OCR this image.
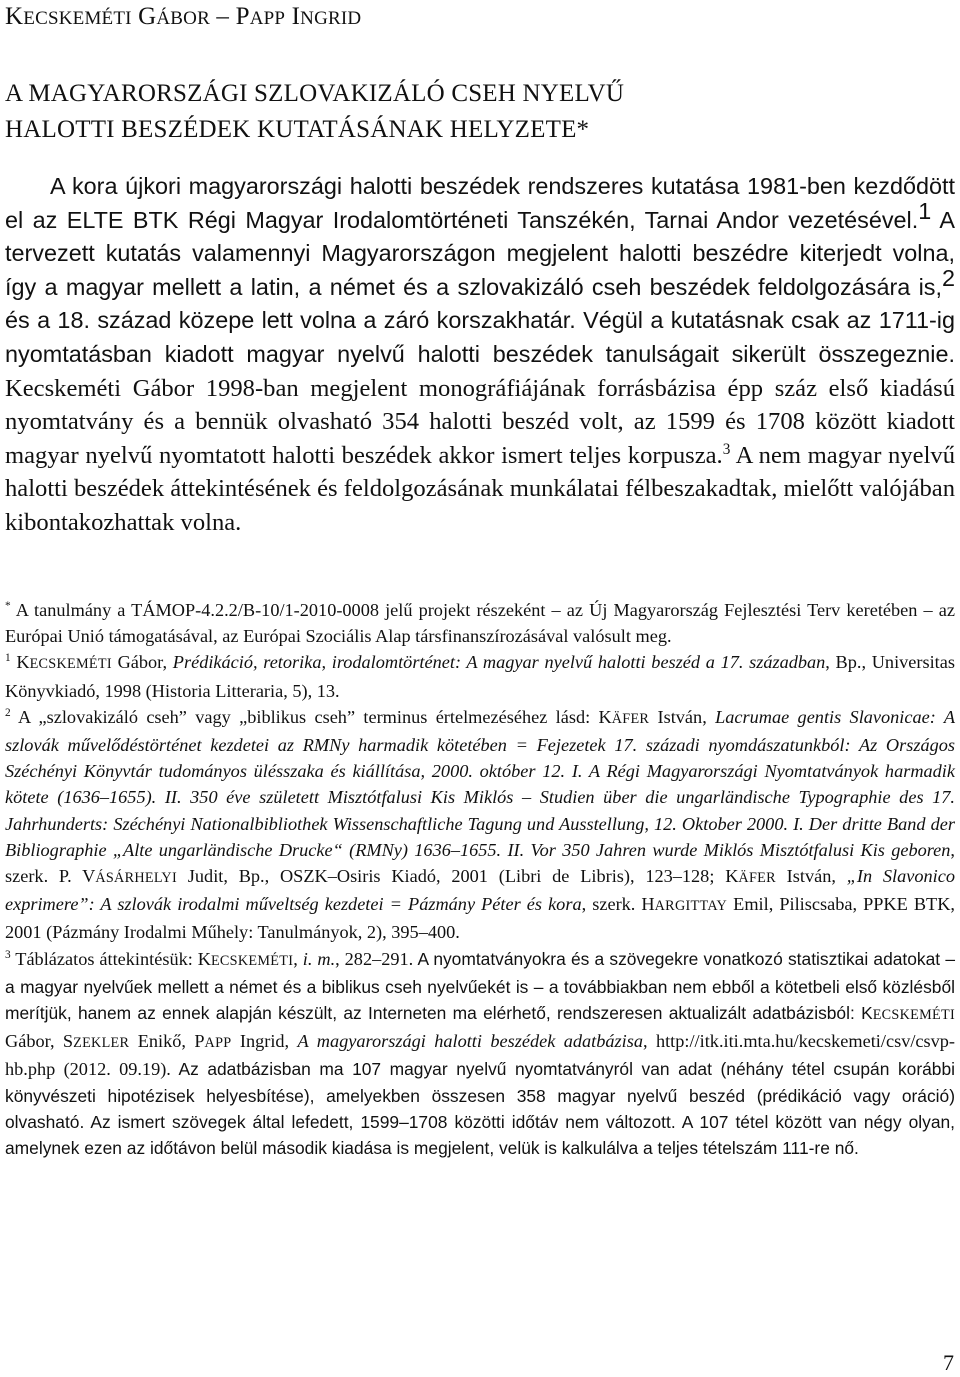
KECSKEMÉTI GÁBOR – PAPP INGRID
A MAGYARORSZÁGI SZLOVAKIZÁLÓ CSEH NYELVŰ
HALOTTI BESZÉDEK KUTATÁSÁNAK HELYZETE*

A kora újkori magyarországi halotti beszédek rendszeres kutatása 1981-ben kezdődött el az ELTE BTK Régi Magyar Irodalomtörténeti Tanszékén, Tarnai Andor vezetésével.$^1$ A tervezett kutatás valamennyi Magyarországon megjelent halotti beszédre kiterjedt volna, így a magyar mellett a latin, a német és a szlovakizáló cseh beszédek feldolgozására is,$^2$ és a 18. század közepe lett volna a záró korszakhatár. Végül a kutatásnak csak az 1711-ig nyomtatásban kiadott magyar nyelvű halotti beszédek tanulságait sikerült összegeznie. Kecskeméti Gábor 1998-ban megjelent monográfiájának forrásbázisa épp száz első kiadású nyomtatvány és a bennük olvasható 354 halotti beszéd volt, az 1599 és 1708 között kiadott magyar nyelvű nyomtatott halotti beszédek akkor ismert teljes korpusza.$^3$ A nem magyar nyelvű halotti beszédek áttekintésének és feldolgozásának munkálatai félbeszakadtak, mielőtt valójában kibontakozhattak volna.

* A tanulmány a TÁMOP-4.2.2/B-10/1-2010-0008 jelű projekt részeként – az Új Magyarország Fejlesztési Terv keretében – az Európai Unió támogatásával, az Európai Szociális Alap társfinanszírozásával valósult meg.

$^1$ KECSKEMÉTI Gábor, Prédikáció, retorika, irodalomtörténet: A magyar nyelvű halotti beszéd a 17. században, Bp., Universitas Könyvkiadó, 1998 (Historia Litteraria, 5), 13.

$^2$ A „szlovakizáló cseh” vagy „biblikus cseh” terminus értelmezéséhez lásd: KÄFER István, Lacrumae gentis Slavonicae: A szlovák művelődéstörténet kezdetei az RMNy harmadik kötetében = Fejezetek 17. századi nyomdászatunkból: Az Országos Széchényi Könyvtár tudományos ülésszaka és kiállítása, 2000. október 12. I. A Régi Magyarországi Nyomtatványok harmadik kötete (1636–1655). II. 350 éve született Misztótfalusi Kis Miklós – Studien über die ungarländische Typographie des 17. Jahrhunderts: Széchényi Nationalbibliothek Wissenschaftliche Tagung und Ausstellung, 12. Oktober 2000. I. Der dritte Band der Bibliographie „Alte ungarländische Drucke“ (RMNy) 1636–1655. II. Vor 350 Jahren wurde Miklós Misztótfalusi Kis geboren, szerk. P. VÁSÁRHELYI Judit, Bp., OSZK–Osiris Kiadó, 2001 (Libri de Libris), 123–128; KÄFER István, „In Slavonico exprimere”: A szlovák irodalmi műveltség kezdetei = Pázmány Péter és kora, szerk. HARGITTAY Emil, Piliscsaba, PPKE BTK, 2001 (Pázmány Irodalmi Műhely: Tanulmányok, 2), 395–400.

$^3$ Táblázatos áttekintésük: KECSKEMÉTI, i. m., 282–291. A nyomtatványokra és a szövegekre vonatkozó statisztikai adatokat – a magyar nyelvűek mellett a német és a biblikus cseh nyelvűekét is – a továbbiakban nem ebből a kötetbeli első közlésből merítjük, hanem az ennek alapján készült, az Interneten ma elérhető, rendszeresen aktualizált adatbázisból: KECSKEMÉTI Gábor, SZEKLER Enikő, PAPP Ingrid, A magyarországi halotti beszédek adatbázisa, http://itk.iti.mta.hu/kecskemeti/csv/csvp-hb.php (2012. 09.19). Az adatbázisban ma 107 magyar nyelvű nyomtatványról van adat (néhány tétel csupán korábbi könyvészeti hipotézisek helyesbítése), amelyekben összesen 358 magyar nyelvű beszéd (prédikáció vagy oráció) olvasható. Az ismert szövegek által lefedett, 1599–1708 közötti időtáv nem változott. A 107 tétel között van négy olyan, amelynek ezen az időtávon belül második kiadása is megjelent, velük is kalkulálva a teljes tételszám 111-re nő.

7
